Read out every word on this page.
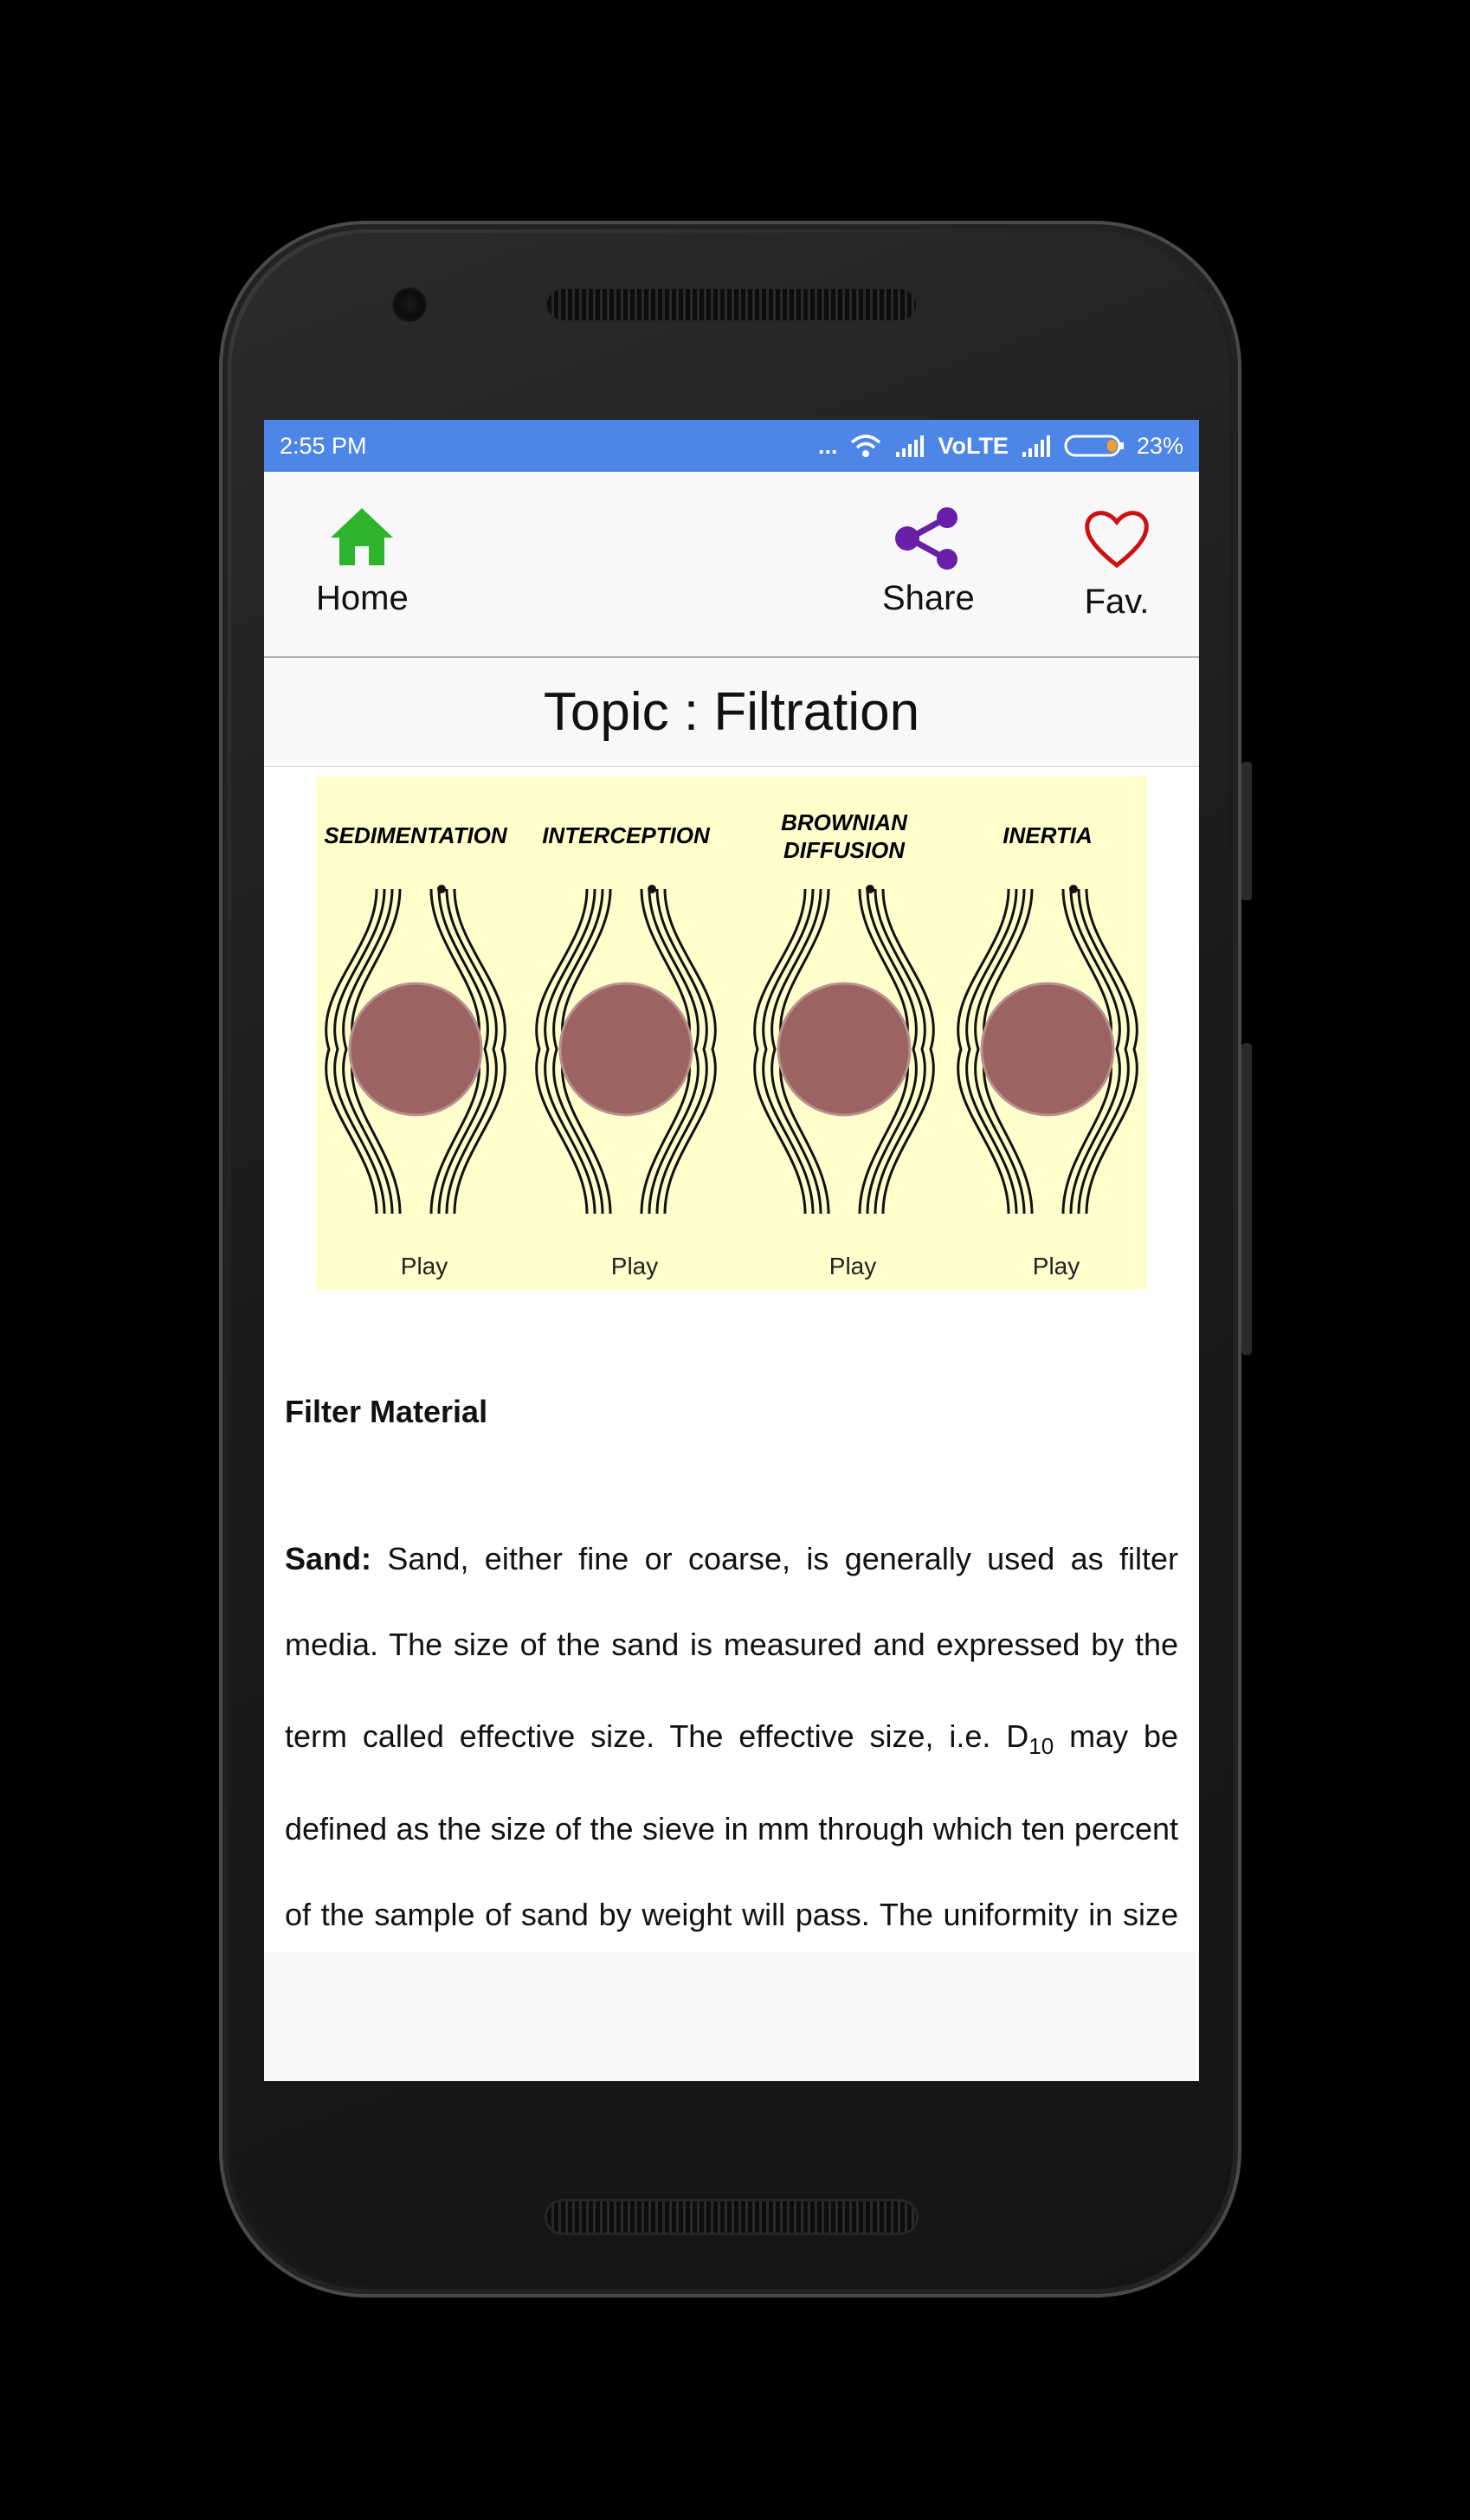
2:55 PM	...	VoLTE	23%
Home	Share	Fav.
Topic : Filtration
SEDIMENTATION
Play
INTERCEPTION
Play
BROWNIAN
DIFFUSION
Play
INERTIA
Play
Filter Material
Sand: Sand, either fine or coarse, is generally used as filter
media. The size of the sand is measured and expressed by the
term called effective size. The effective size, i.e. $D_{10}$ may be
defined as the size of the sieve in mm through which ten percent
of the sample of sand by weight will pass. The uniformity in size
